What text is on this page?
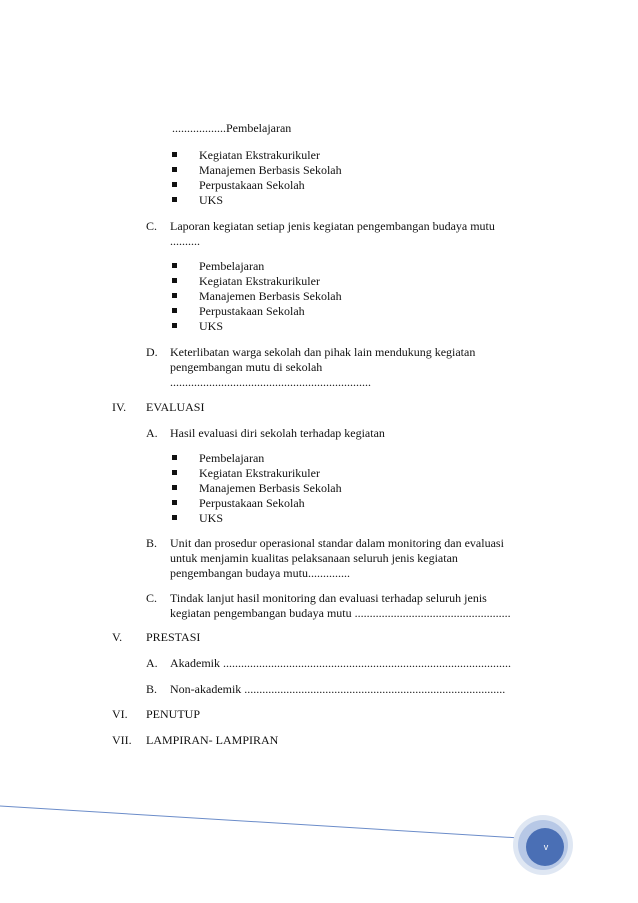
..................Pembelajaran
Kegiatan Ekstrakurikuler
Manajemen Berbasis Sekolah
Perpustakaan Sekolah
UKS
C. Laporan kegiatan setiap jenis kegiatan pengembangan budaya mutu
..........
Pembelajaran
Kegiatan Ekstrakurikuler
Manajemen Berbasis Sekolah
Perpustakaan Sekolah
UKS
D. Keterlibatan warga sekolah dan pihak lain mendukung kegiatan
pengembangan mutu di sekolah
...................................................................
IV. EVALUASI
A. Hasil evaluasi diri sekolah terhadap kegiatan
Pembelajaran
Kegiatan Ekstrakurikuler
Manajemen Berbasis Sekolah
Perpustakaan Sekolah
UKS
B. Unit dan prosedur operasional standar dalam monitoring dan evaluasi
untuk menjamin kualitas pelaksanaan seluruh jenis kegiatan
pengembangan budaya mutu..............
C. Tindak lanjut hasil monitoring dan evaluasi terhadap seluruh jenis
kegiatan pengembangan budaya mutu ....................................................
V. PRESTASI
A. Akademik ................................................................................................
B. Non-akademik .......................................................................................
VI. PENUTUP
VII. LAMPIRAN- LAMPIRAN
v
